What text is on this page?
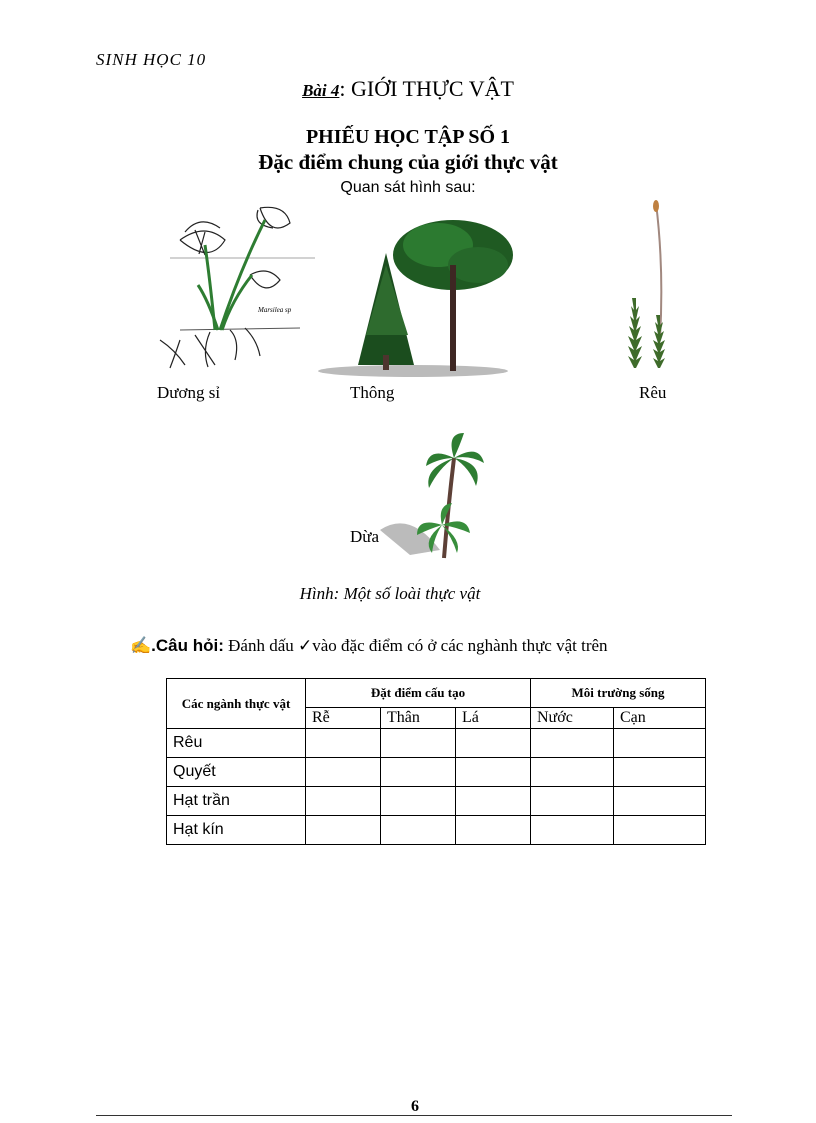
SINH HỌC 10
Bài 4: GIỚI THỰC VẬT
PHIẾU HỌC TẬP SỐ 1
Đặc điểm chung của giới thực vật
Quan sát hình sau:
Marsilea sp
Dương sỉ	Thông	Rêu
Dừa
Hình: Một số loài thực vật
✍.Câu hỏi: Đánh dấu ✓vào đặc điểm có ở các nghành thực vật trên
Các ngành thực vật	Đặt điểm cấu tạo			Môi trường sống	
	Rễ	Thân	Lá	Nước	Cạn
Rêu					
Quyết					
Hạt trần					
Hạt kín					
6
